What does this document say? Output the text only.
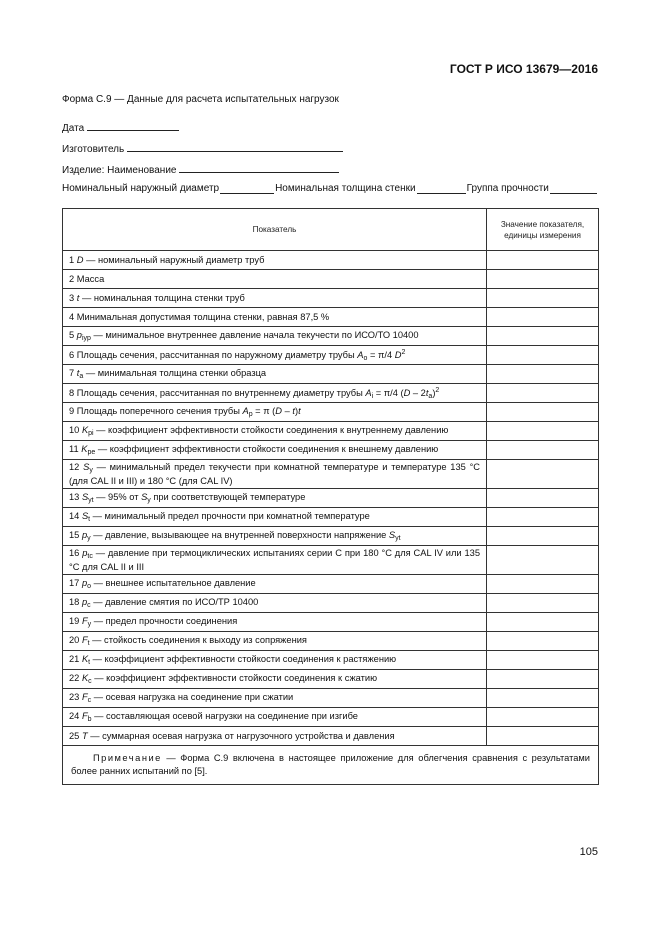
ГОСТ Р ИСО 13679—2016
Форма С.9 — Данные для расчета испытательных нагрузок
Дата
Изготовитель
Изделие: Наименование
Номинальный наружный диаметр	Номинальная толщина стенки	Группа прочности
Показатель	Значение показателя, единицы измерения
1 D — номинальный наружный диаметр труб	
2 Масса	
3 t — номинальная толщина стенки труб	
4 Минимальная допустимая толщина стенки, равная 87,5 %	
5 $p_{iyp}$ — минимальное внутреннее давление начала текучести по ИСО/ТО 10400	
6 Площадь сечения, рассчитанная по наружному диаметру трубы $A_o = \pi/4$ $D^2$	
7 $t_a$ — минимальная толщина стенки образца	
8 Площадь сечения, рассчитанная по внутреннему диаметру трубы $A_i = \pi/4$ $(D - 2t_a)^2$	
9 Площадь поперечного сечения трубы $A_p = \pi$ (D – t)t	
10 $K_{pi}$ — коэффициент эффективности стойкости соединения к внутреннему давлению	
11 $K_{pe}$ — коэффициент эффективности стойкости соединения к внешнему давлению	
12 $S_y$ — минимальный предел текучести при комнатной температуре и температуре 135 °С (для CAL II и III) и 180 °С (для CAL IV)	
13 $S_{yt}$ — 95% от $S_y$ при соответствующей температуре	
14 $S_t$ — минимальный предел прочности при комнатной температуре	
15 $p_y$ — давление, вызывающее на внутренней поверхности напряжение $S_{yt}$	
16 $p_{tc}$ — давление при термоциклических испытаниях серии С при 180 °С для CAL IV или 135 °С для CAL II и III	
17 $p_o$ — внешнее испытательное давление	
18 $p_c$ — давление смятия по ИСО/ТР 10400	
19 $F_y$ — предел прочности соединения	
20 $F_t$ — стойкость соединения к выходу из сопряжения	
21 $K_t$ — коэффициент эффективности стойкости соединения к растяжению	
22 $K_c$ — коэффициент эффективности стойкости соединения к сжатию	
23 $F_c$ — осевая нагрузка на соединение при сжатии	
24 $F_b$ — составляющая осевой нагрузки на соединение при изгибе	
25 T — суммарная осевая нагрузка от нагрузочного устройства и давления	
Примечание — Форма С.9 включена в настоящее приложение для облегчения сравнения с результатами более ранних испытаний по [5].	
105
